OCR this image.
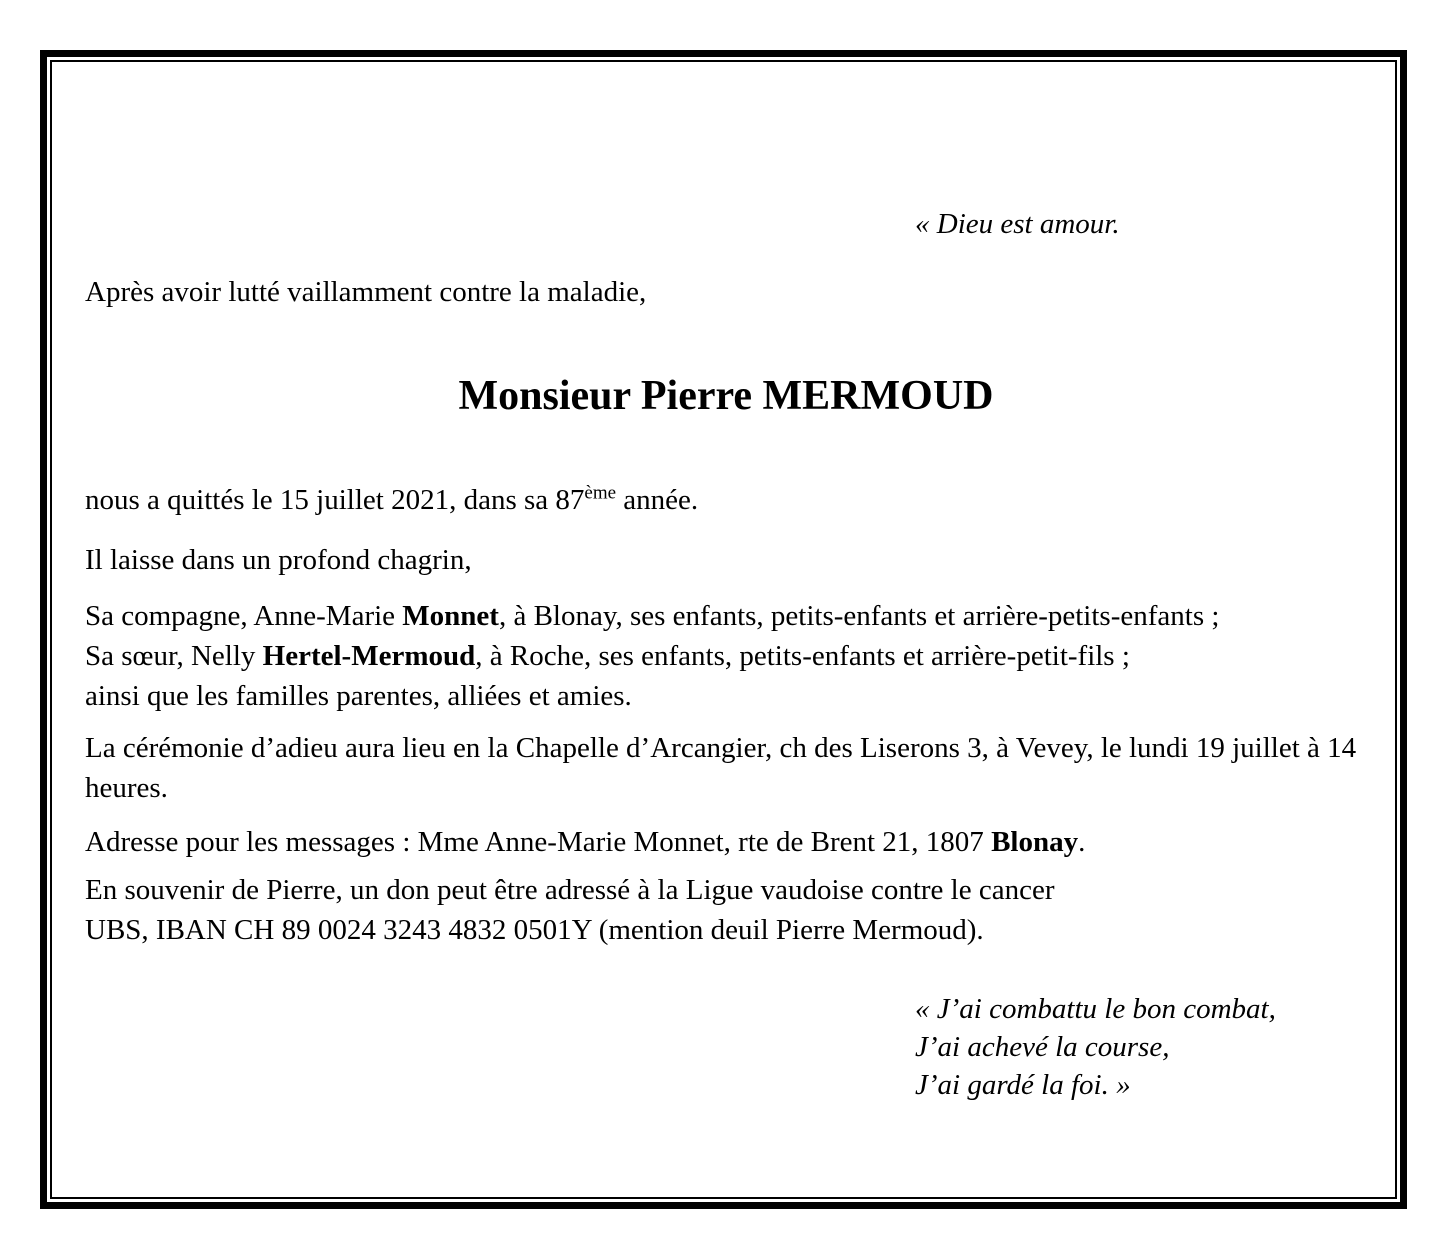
« Dieu est amour.
Après avoir lutté vaillamment contre la maladie,
Monsieur Pierre MERMOUD
nous a quittés le 15 juillet 2021, dans sa 87ème année.
Il laisse dans un profond chagrin,
Sa compagne, Anne-Marie Monnet, à Blonay, ses enfants, petits-enfants et arrière-petits-enfants ;
Sa sœur, Nelly Hertel-Mermoud, à Roche, ses enfants, petits-enfants et arrière-petit-fils ;
ainsi que les familles parentes, alliées et amies.
La cérémonie d’adieu aura lieu en la Chapelle d’Arcangier, ch des Liserons 3, à Vevey, le lundi 19 juillet à 14 heures.
Adresse pour les messages : Mme Anne-Marie Monnet, rte de Brent 21, 1807 Blonay.
En souvenir de Pierre, un don peut être adressé à la Ligue vaudoise contre le cancer
UBS, IBAN CH 89 0024 3243 4832 0501Y (mention deuil Pierre Mermoud).
« J’ai combattu le bon combat,
J’ai achevé la course,
J’ai gardé la foi. »
